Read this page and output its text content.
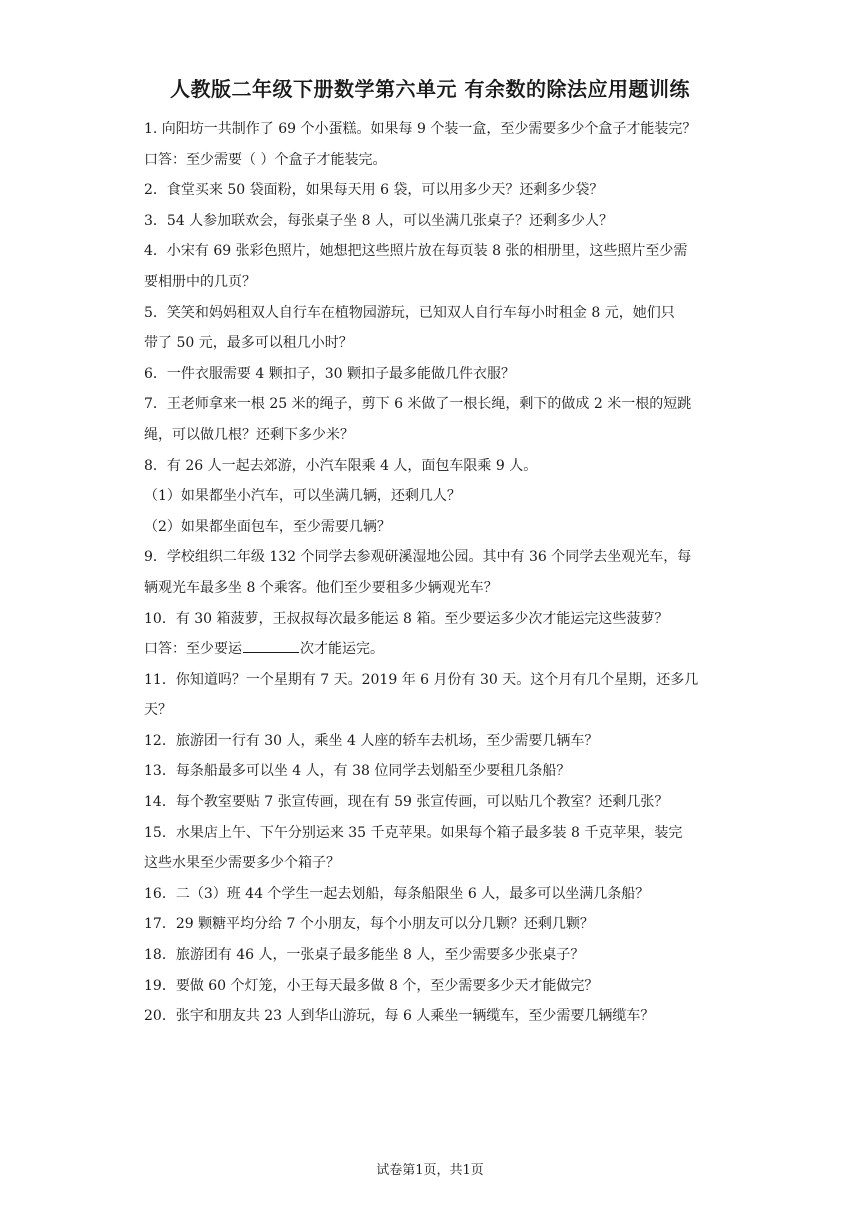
人教版二年级下册数学第六单元 有余数的除法应用题训练
1. 向阳坊一共制作了 69 个小蛋糕。如果每 9 个装一盒，至少需要多少个盒子才能装完？
口答：至少需要（ ）个盒子才能装完。
2．食堂买来 50 袋面粉，如果每天用 6 袋，可以用多少天？还剩多少袋？
3．54 人参加联欢会，每张桌子坐 8 人，可以坐满几张桌子？还剩多少人？
4．小宋有 69 张彩色照片，她想把这些照片放在每页装 8 张的相册里，这些照片至少需
要相册中的几页？
5．笑笑和妈妈租双人自行车在植物园游玩，已知双人自行车每小时租金 8 元，她们只
带了 50 元，最多可以租几小时？
6．一件衣服需要 4 颗扣子，30 颗扣子最多能做几件衣服？
7．王老师拿来一根 25 米的绳子，剪下 6 米做了一根长绳，剩下的做成 2 米一根的短跳
绳，可以做几根？还剩下多少米？
8．有 26 人一起去郊游，小汽车限乘 4 人，面包车限乘 9 人。
（1）如果都坐小汽车，可以坐满几辆，还剩几人？
（2）如果都坐面包车，至少需要几辆？
9．学校组织二年级 132 个同学去参观研溪湿地公园。其中有 36 个同学去坐观光车，每
辆观光车最多坐 8 个乘客。他们至少要租多少辆观光车？
10．有 30 箱菠萝，王叔叔每次最多能运 8 箱。至少要运多少次才能运完这些菠萝？
口答：至少要运	次才能运完。
11．你知道吗？一个星期有 7 天。2019 年 6 月份有 30 天。这个月有几个星期，还多几
天？
12．旅游团一行有 30 人，乘坐 4 人座的轿车去机场，至少需要几辆车？
13．每条船最多可以坐 4 人，有 38 位同学去划船至少要租几条船？
14．每个教室要贴 7 张宣传画，现在有 59 张宣传画，可以贴几个教室？还剩几张？
15．水果店上午、下午分别运来 35 千克苹果。如果每个箱子最多装 8 千克苹果，装完
这些水果至少需要多少个箱子？
16．二（3）班 44 个学生一起去划船，每条船限坐 6 人，最多可以坐满几条船？
17．29 颗糖平均分给 7 个小朋友，每个小朋友可以分几颗？还剩几颗？
18．旅游团有 46 人，一张桌子最多能坐 8 人，至少需要多少张桌子？
19．要做 60 个灯笼，小王每天最多做 8 个，至少需要多少天才能做完？
20．张宇和朋友共 23 人到华山游玩，每 6 人乘坐一辆缆车，至少需要几辆缆车？
试卷第1页，共1页
